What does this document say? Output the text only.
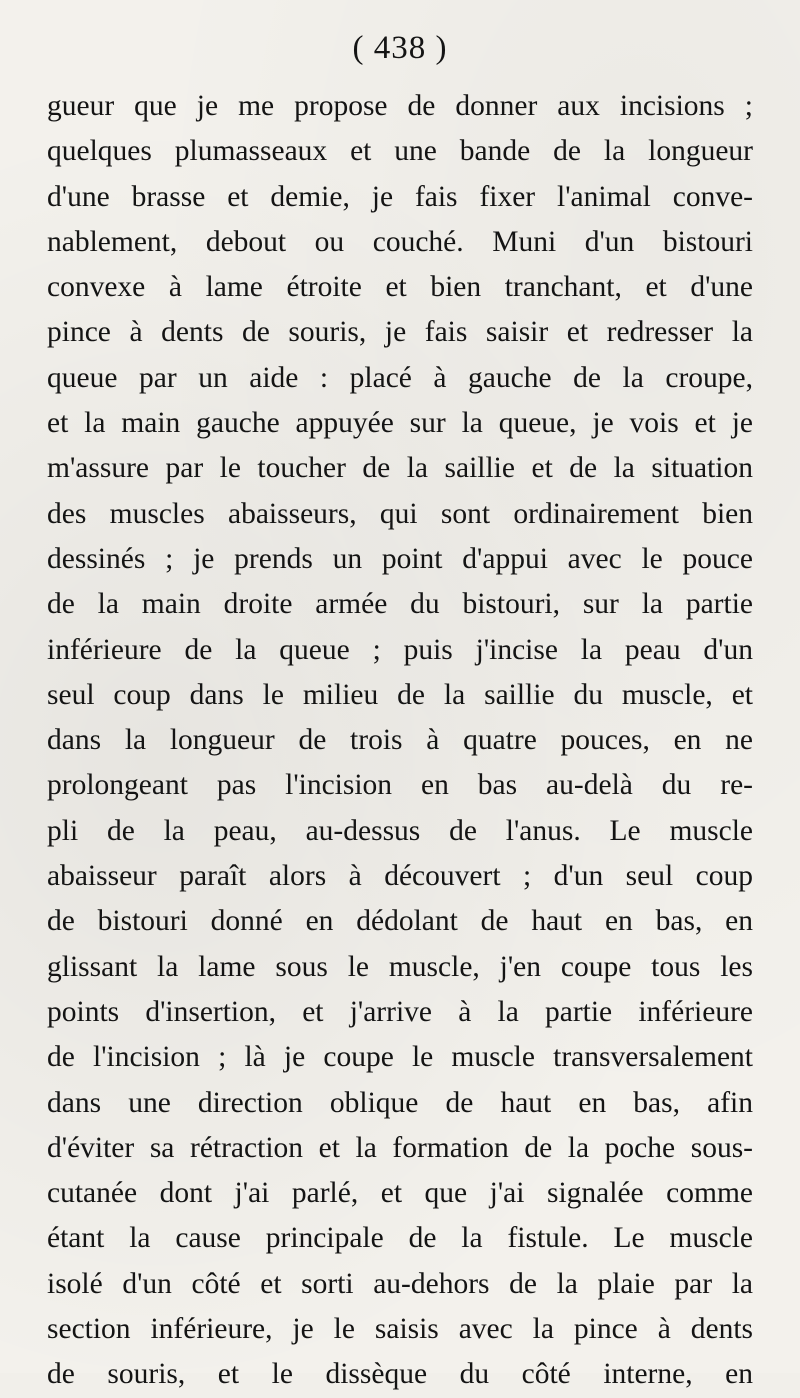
( 438 )
gueur que je me propose de donner aux incisions ;
quelques plumasseaux et une bande de la longueur
d'une brasse et demie, je fais fixer l'animal conve-
nablement, debout ou couché. Muni d'un bistouri
convexe à lame étroite et bien tranchant, et d'une
pince à dents de souris, je fais saisir et redresser la
queue par un aide : placé à gauche de la croupe,
et la main gauche appuyée sur la queue, je vois et je
m'assure par le toucher de la saillie et de la situation
des muscles abaisseurs, qui sont ordinairement bien
dessinés ; je prends un point d'appui avec le pouce
de la main droite armée du bistouri, sur la partie
inférieure de la queue ; puis j'incise la peau d'un
seul coup dans le milieu de la saillie du muscle, et
dans la longueur de trois à quatre pouces, en ne
prolongeant pas l'incision en bas au-delà du re-
pli de la peau, au-dessus de l'anus. Le muscle
abaisseur paraît alors à découvert ; d'un seul coup
de bistouri donné en dédolant de haut en bas, en
glissant la lame sous le muscle, j'en coupe tous les
points d'insertion, et j'arrive à la partie inférieure
de l'incision ; là je coupe le muscle transversalement
dans une direction oblique de haut en bas, afin
d'éviter sa rétraction et la formation de la poche sous-
cutanée dont j'ai parlé, et que j'ai signalée comme
étant la cause principale de la fistule. Le muscle
isolé d'un côté et sorti au-dehors de la plaie par la
section inférieure, je le saisis avec la pince à dents
de souris, et le dissèque du côté interne, en
